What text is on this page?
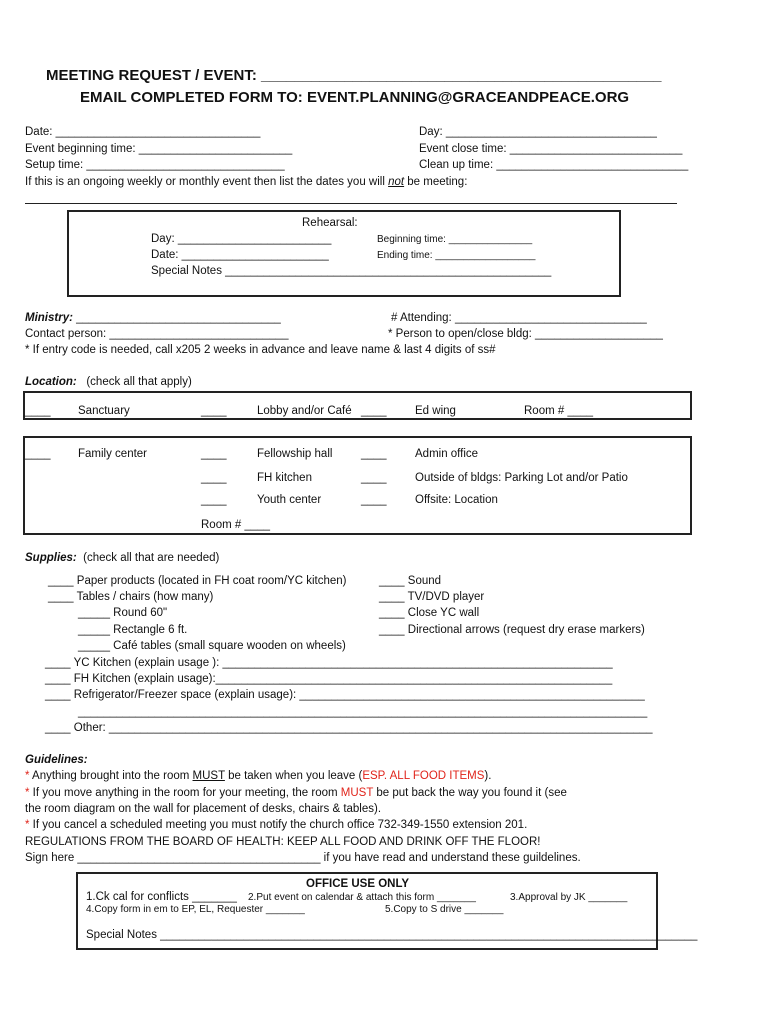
MEETING REQUEST / EVENT: ________________________________________________
EMAIL COMPLETED FORM TO: EVENT.PLANNING@GRACEANDPEACE.ORG
Date: ________________________________	Day: _________________________________
Event beginning time: ________________________	Event close time: ___________________________
Setup time: _______________________________	Clean up time: ______________________________
If this is an ongoing weekly or monthly event then list the dates you will not be meeting:
Rehearsal:
Day: ________________________
Date: _______________________
Special Notes ___________________________________________________
Beginning time: _______________
Ending time: __________________
Ministry: ________________________________	# Attending: ______________________________
Contact person: ____________________________	* Person to open/close bldg: ____________________
* If entry code is needed, call x205 2 weeks in advance and leave name & last 4 digits of ss#
Location: (check all that apply)
____ Sanctuary	____	Lobby and/or Café ____ Ed wing	Room # ____
____ Family center	____	Fellowship hall ____ Admin office
____	FH kitchen	____ Outside of bldgs: Parking Lot and/or Patio
____	Youth center	____ Offsite: Location
Room # ____
Supplies: (check all that are needed)
____ Paper products (located in FH coat room/YC kitchen)
____ Tables / chairs (how many)
_____ Round 60"
_____ Rectangle 6 ft.
_____ Café tables (small square wooden on wheels)
____ Sound
____ TV/DVD player
____ Close YC wall
____ Directional arrows (request dry erase markers)
____ YC Kitchen (explain usage ): _____________________________________________________________
____ FH Kitchen (explain usage):______________________________________________________________
____ Refrigerator/Freezer space (explain usage): ______________________________________________________
_________________________________________________________________________________________
____ Other: _____________________________________________________________________________________
Guidelines:
* Anything brought into the room MUST be taken when you leave (ESP. ALL FOOD ITEMS).
* If you move anything in the room for your meeting, the room MUST be put back the way you found it (see
the room diagram on the wall for placement of desks, chairs & tables).
* If you cancel a scheduled meeting you must notify the church office 732-349-1550 extension 201.
REGULATIONS FROM THE BOARD OF HEALTH: KEEP ALL FOOD AND DRINK OFF THE FLOOR!
Sign here ______________________________________ if you have read and understand these guildelines.
OFFICE USE ONLY
1.Ck cal for conflicts _______ 2.Put event on calendar & attach this form _______	3.Approval by JK _______
4.Copy form in em to EP, EL, Requester _______	5.Copy to S drive _______
Special Notes ____________________________________________________________________________________
